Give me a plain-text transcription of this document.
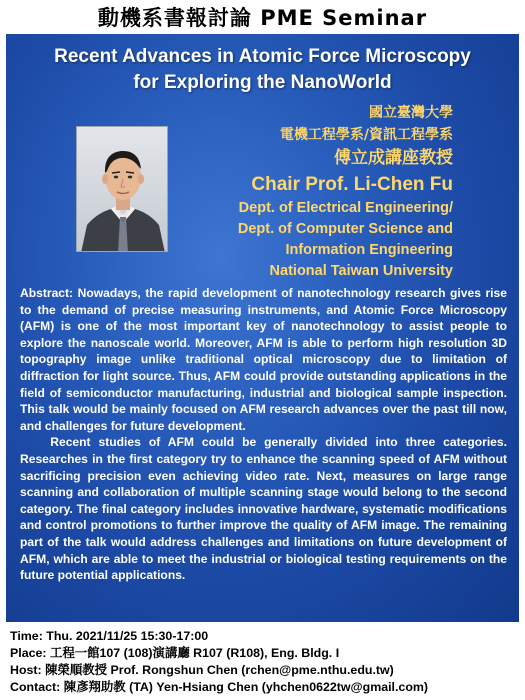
動機系書報討論 PME Seminar
Recent Advances in Atomic Force Microscopy
for Exploring the NanoWorld
國立臺灣大學
電機工程學系/資訊工程學系
傅立成講座教授
Chair Prof. Li-Chen Fu
Dept. of Electrical Engineering/
Dept. of Computer Science and
Information Engineering
National Taiwan University

Abstract: Nowadays, the rapid development of nanotechnology research gives rise to the demand of precise measuring instruments, and Atomic Force Microscopy (AFM) is one of the most important key of nanotechnology to assist people to explore the nanoscale world. Moreover, AFM is able to perform high resolution 3D topography image unlike traditional optical microscopy due to limitation of diffraction for light source. Thus, AFM could provide outstanding applications in the field of semiconductor manufacturing, industrial and biological sample inspection. This talk would be mainly focused on AFM research advances over the past till now, and challenges for future development.

Recent studies of AFM could be generally divided into three categories. Researches in the first category try to enhance the scanning speed of AFM without sacrificing precision even achieving video rate. Next, measures on large range scanning and collaboration of multiple scanning stage would belong to the second category. The final category includes innovative hardware, systematic modifications and control promotions to further improve the quality of AFM image. The remaining part of the talk would address challenges and limitations on future development of AFM, which are able to meet the industrial or biological testing requirements on the future potential applications.

Time: Thu. 2021/11/25 15:30-17:00
Place: 工程一館107 (108)演講廳 R107 (R108), Eng. Bldg. I
Host: 陳榮順教授 Prof. Rongshun Chen (rchen@pme.nthu.edu.tw)
Contact: 陳彥翔助教 (TA) Yen-Hsiang Chen (yhchen0622tw@gmail.com)
